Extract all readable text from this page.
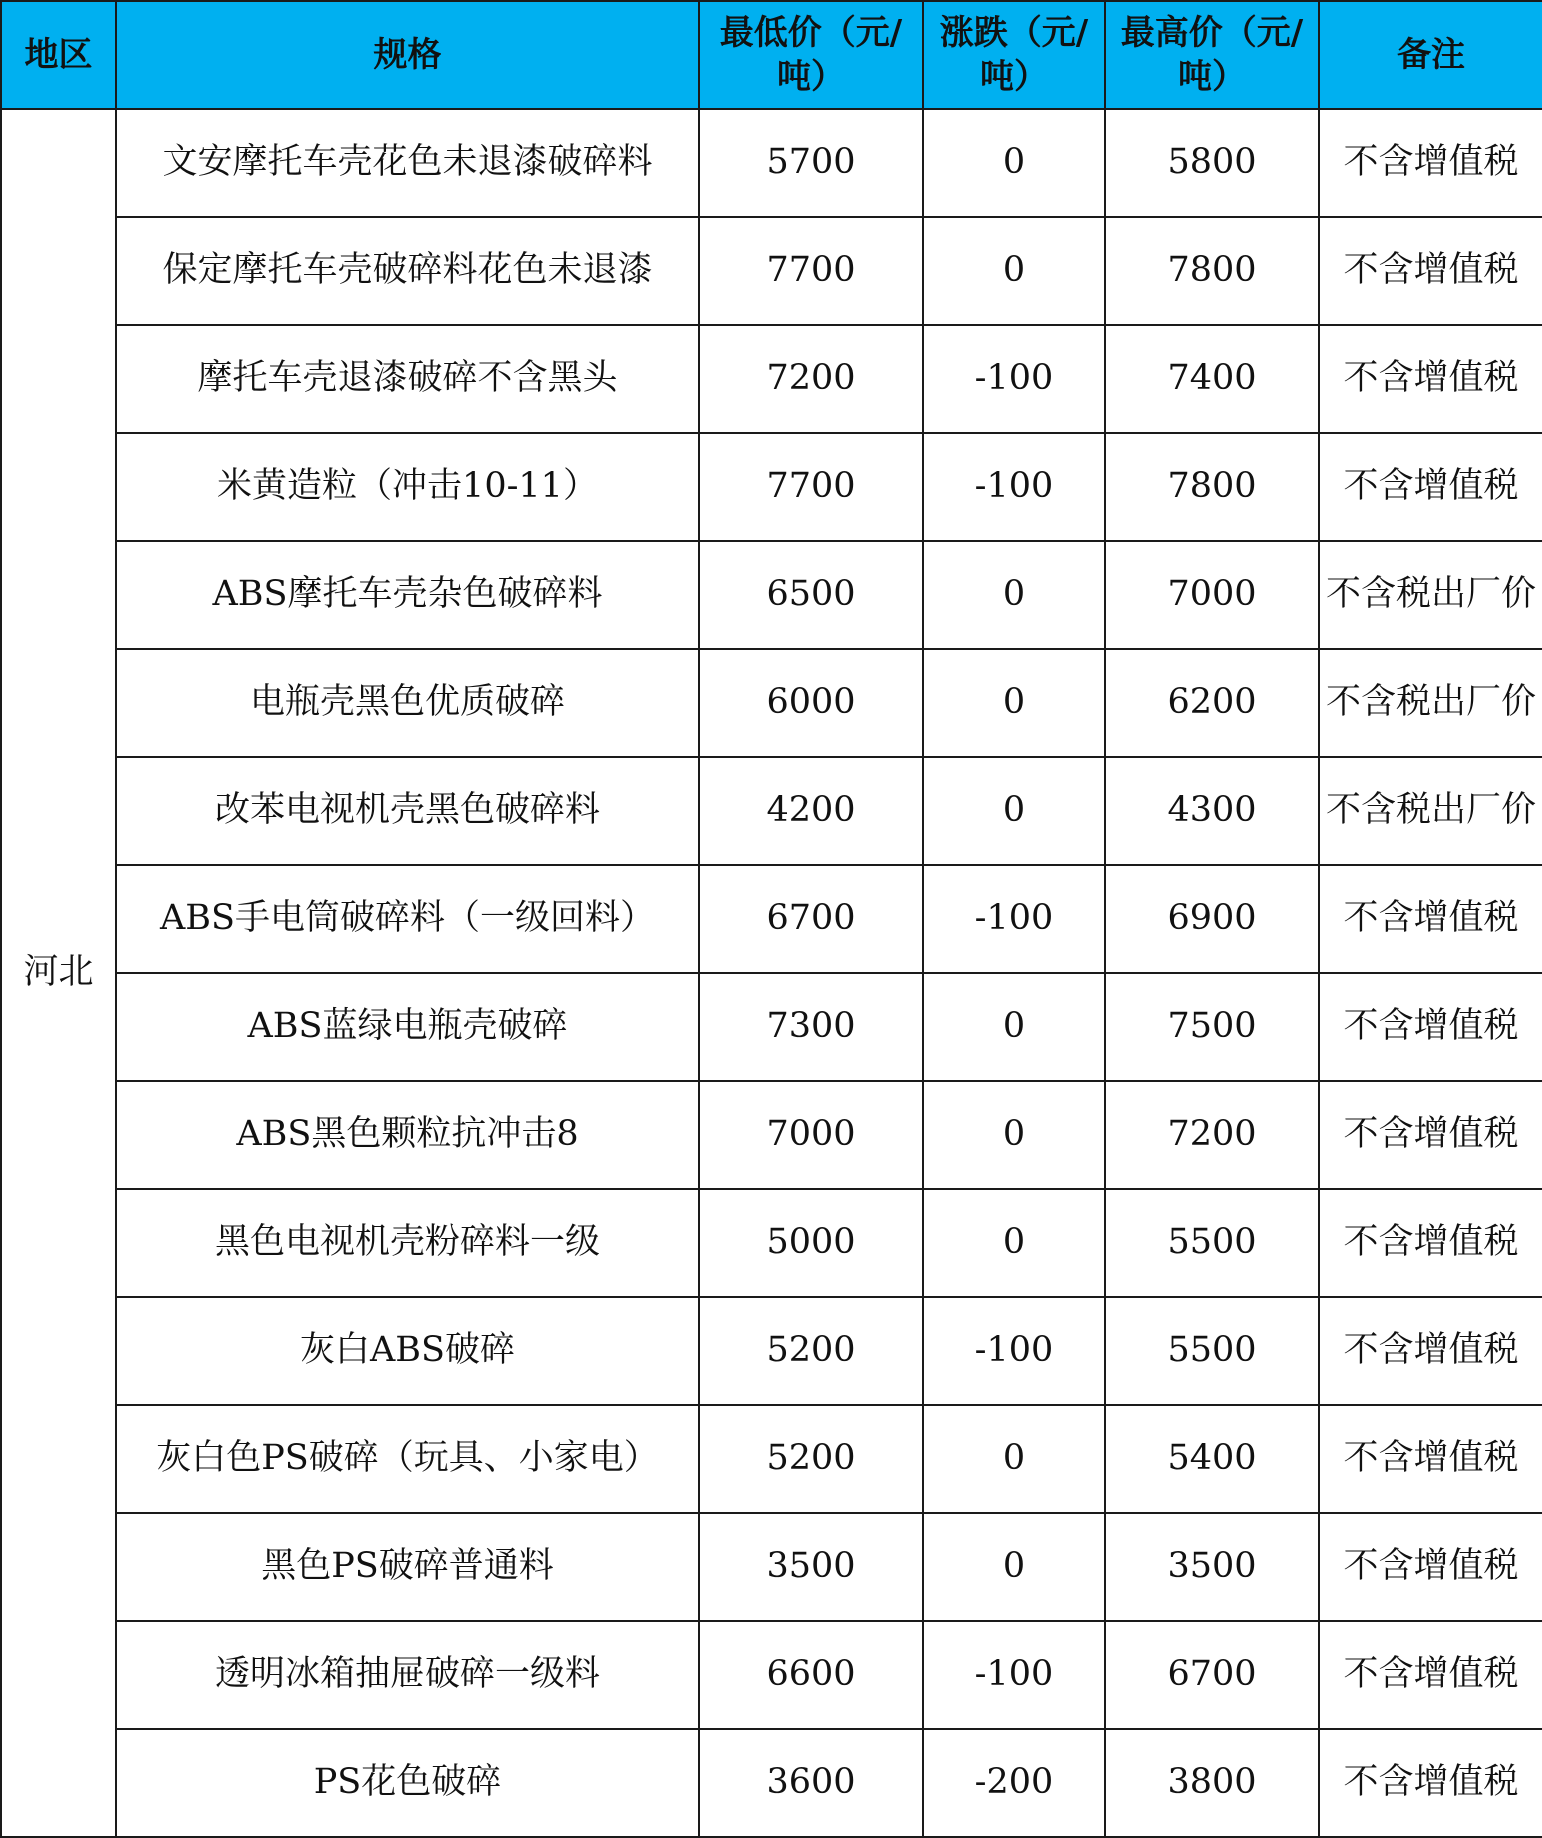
地区	规格	最低价（元/吨）	涨跌（元/吨）	最高价（元/吨）	备注
河北	文安摩托车壳花色未退漆破碎料	5700	0	5800	不含增值税
	保定摩托车壳破碎料花色未退漆	7700	0	7800	不含增值税
	摩托车壳退漆破碎不含黑头	7200	-100	7400	不含增值税
	米黄造粒（冲击10-11）	7700	-100	7800	不含增值税
	ABS摩托车壳杂色破碎料	6500	0	7000	不含税出厂价
	电瓶壳黑色优质破碎	6000	0	6200	不含税出厂价
	改苯电视机壳黑色破碎料	4200	0	4300	不含税出厂价
	ABS手电筒破碎料（一级回料）	6700	-100	6900	不含增值税
	ABS蓝绿电瓶壳破碎	7300	0	7500	不含增值税
	ABS黑色颗粒抗冲击8	7000	0	7200	不含增值税
	黑色电视机壳粉碎料一级	5000	0	5500	不含增值税
	灰白ABS破碎	5200	-100	5500	不含增值税
	灰白色PS破碎（玩具、小家电）	5200	0	5400	不含增值税
	黑色PS破碎普通料	3500	0	3500	不含增值税
	透明冰箱抽屉破碎一级料	6600	-100	6700	不含增值税
	PS花色破碎	3600	-200	3800	不含增值税
